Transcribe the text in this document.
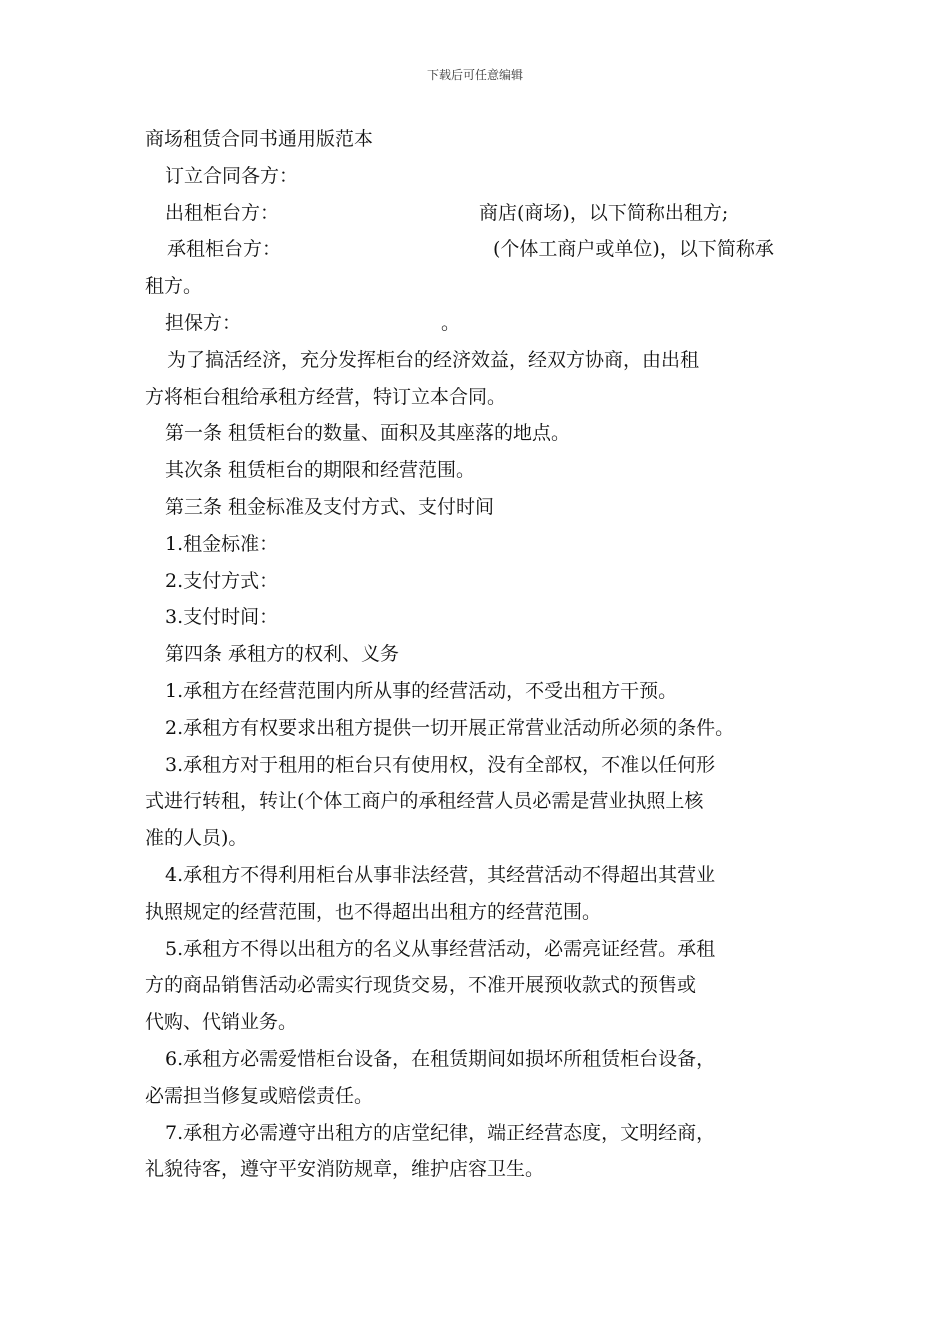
下载后可任意编辑
商场租赁合同书通用版范本
订立合同各方：
出租柜台方：	商店(商场)，以下简称出租方;
承租柜台方：	(个体工商户或单位)，以下简称承
租方。
担保方：	。
为了搞活经济，充分发挥柜台的经济效益，经双方协商，由出租
方将柜台租给承租方经营，特订立本合同。
第一条 租赁柜台的数量、面积及其座落的地点。
其次条 租赁柜台的期限和经营范围。
第三条 租金标准及支付方式、支付时间
1.租金标准：
2.支付方式：
3.支付时间：
第四条 承租方的权利、义务
1.承租方在经营范围内所从事的经营活动，不受出租方干预。
2.承租方有权要求出租方提供一切开展正常营业活动所必须的条件。
3.承租方对于租用的柜台只有使用权，没有全部权，不准以任何形
式进行转租，转让(个体工商户的承租经营人员必需是营业执照上核
准的人员)。
4.承租方不得利用柜台从事非法经营，其经营活动不得超出其营业
执照规定的经营范围，也不得超出出租方的经营范围。
5.承租方不得以出租方的名义从事经营活动，必需亮证经营。承租
方的商品销售活动必需实行现货交易，不准开展预收款式的预售或
代购、代销业务。
6.承租方必需爱惜柜台设备，在租赁期间如损坏所租赁柜台设备，
必需担当修复或赔偿责任。
7.承租方必需遵守出租方的店堂纪律，端正经营态度，文明经商，
礼貌待客，遵守平安消防规章，维护店容卫生。
